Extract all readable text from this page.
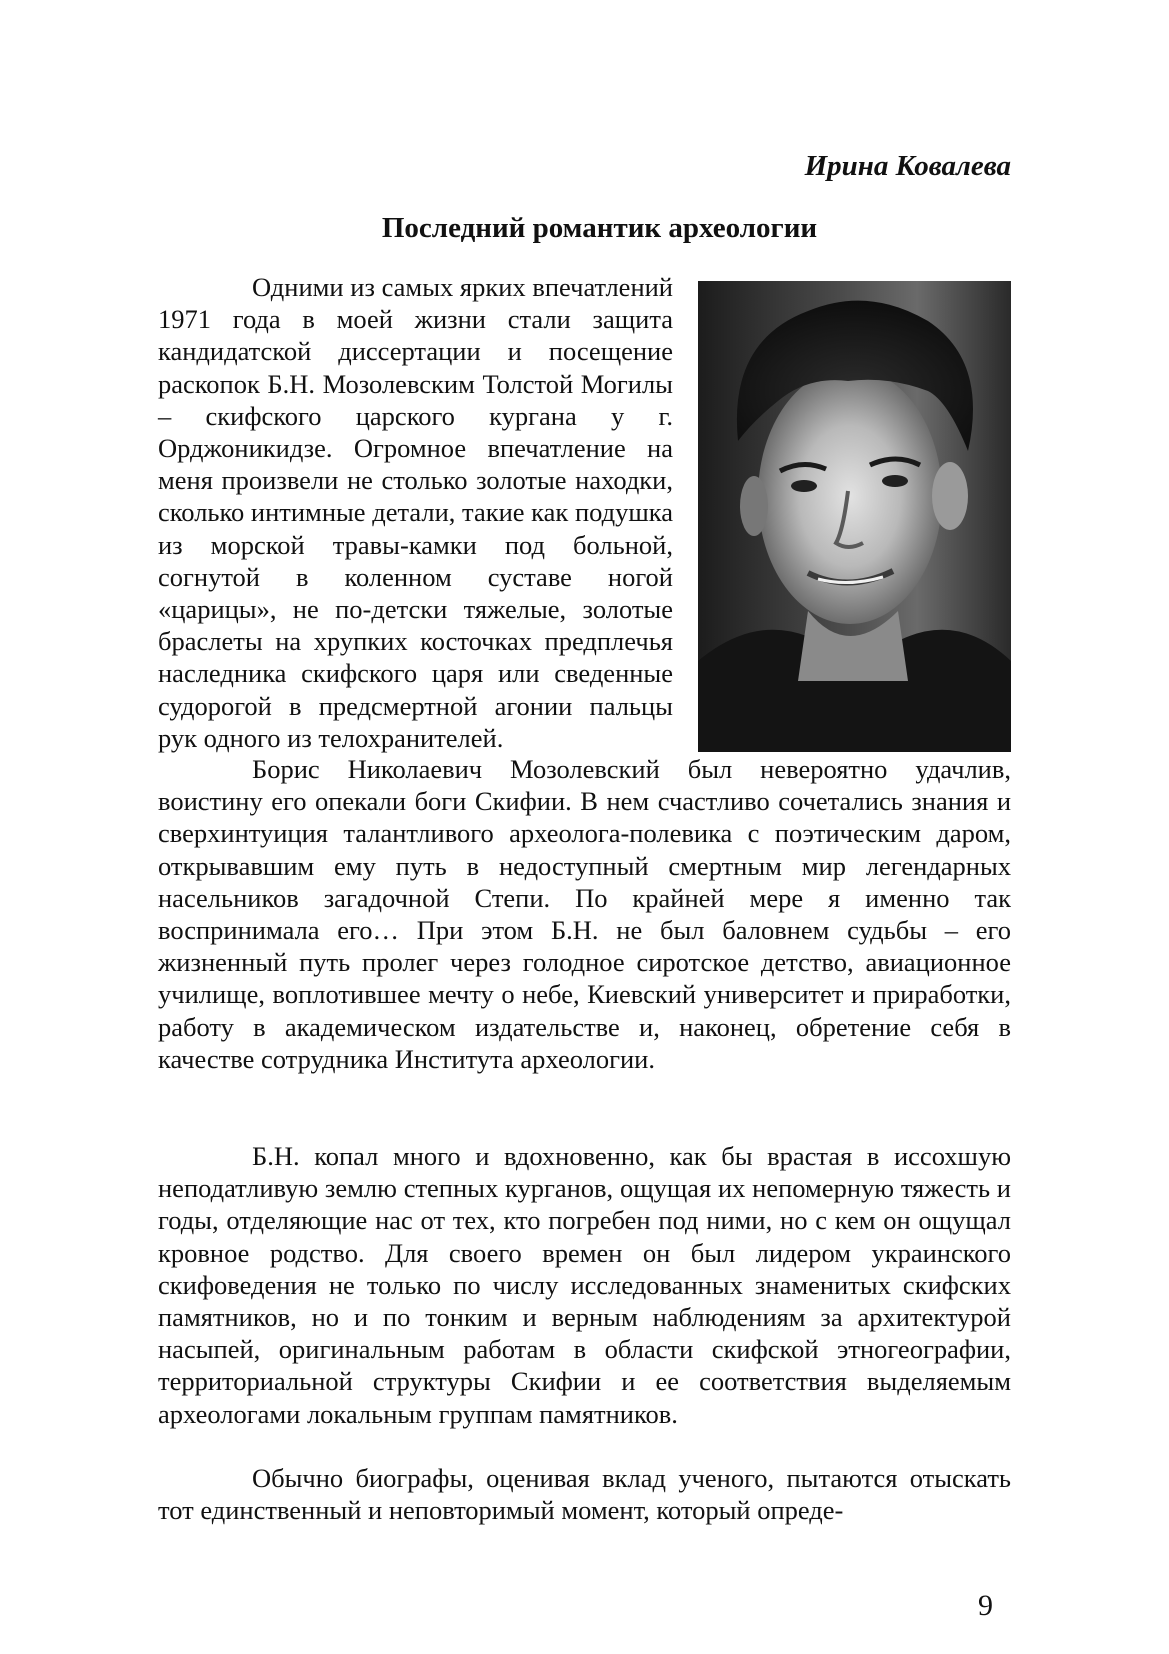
Ирина Ковалева
Последний романтик археологии

Одними из самых ярких впечатлений 1971 года в моей жизни стали защита кандидатской диссертации и посещение раскопок Б.Н. Мозолевским Толстой Могилы – скифского царского кургана у г. Орджоникидзе. Огромное впечатление на меня произвели не столько золотые находки, сколько интимные детали, такие как подушка из морской травы-камки под больной, согнутой в коленном суставе ногой «царицы», не по-детски тяжелые, золотые браслеты на хрупких косточках предплечья наследника скифского царя или сведенные судорогой в предсмертной агонии пальцы рук одного из телохранителей.

Борис Николаевич Мозолевский был невероятно удачлив, воистину его опекали боги Скифии. В нем счастливо сочетались знания и сверхинтуиция талантливого археолога-полевика с поэтическим даром, открывавшим ему путь в недоступный смертным мир легендарных насельников загадочной Степи. По крайней мере я именно так воспринимала его… При этом Б.Н. не был баловнем судьбы – его жизненный путь пролег через голодное сиротское детство, авиационное училище, воплотившее мечту о небе, Киевский университет и приработки, работу в академическом издательстве и, наконец, обретение себя в качестве сотрудника Института археологии.

Б.Н. копал много и вдохновенно, как бы врастая в иссохшую неподатливую землю степных курганов, ощущая их непомерную тяжесть и годы, отделяющие нас от тех, кто погребен под ними, но с кем он ощущал кровное родство. Для своего времен он был лидером украинского скифоведения не только по числу исследованных знаменитых скифских памятников, но и по тонким и верным наблюдениям за архитектурой насыпей, оригинальным работам в области скифской этногеографии, территориальной структуры Скифии и ее соответствия выделяемым археологами локальным группам памятников.

Обычно биографы, оценивая вклад ученого, пытаются отыскать тот единственный и неповторимый момент, который опреде-

9
